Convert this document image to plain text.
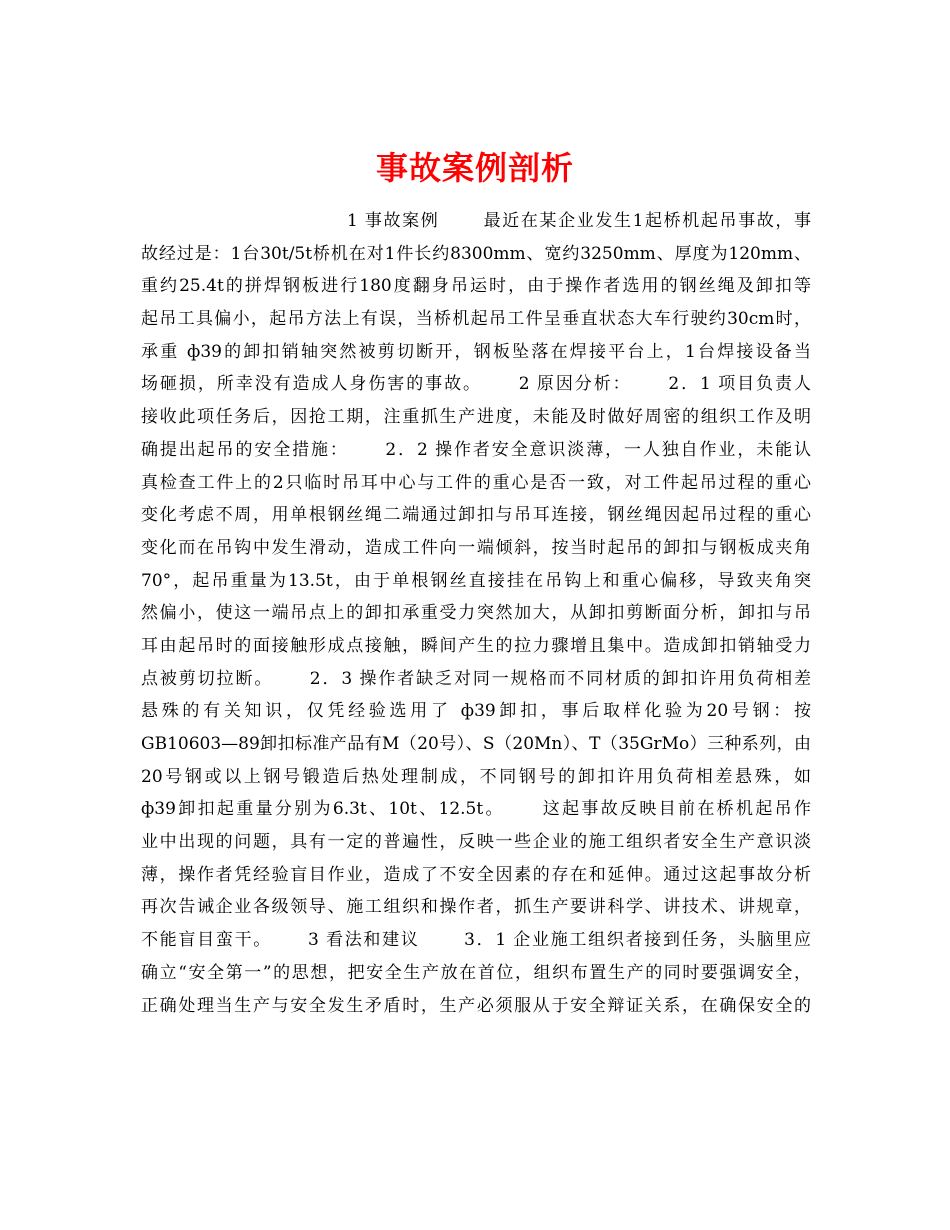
事故案例剖析
1 事故案例　　 最近在某企业发生1起桥机起吊事故，事
故经过是：1台30t/5t桥机在对1件长约8300mm、宽约3250mm、厚度为120mm、
重约25.4t的拼焊钢板进行180度翻身吊运时，由于操作者选用的钢丝绳及卸扣等
起吊工具偏小，起吊方法上有误，当桥机起吊工件呈垂直状态大车行驶约30cm时，
承重 ф39的卸扣销轴突然被剪切断开，钢板坠落在焊接平台上，1台焊接设备当
场砸损，所幸没有造成人身伤害的事故。　　 2 原因分析：　　 2．1 项目负责人
接收此项任务后，因抢工期，注重抓生产进度，未能及时做好周密的组织工作及明
确提出起吊的安全措施：　　 2．2 操作者安全意识淡薄，一人独自作业，未能认
真检查工件上的2只临时吊耳中心与工件的重心是否一致，对工件起吊过程的重心
变化考虑不周，用单根钢丝绳二端通过卸扣与吊耳连接，钢丝绳因起吊过程的重心
变化而在吊钩中发生滑动，造成工件向一端倾斜，按当时起吊的卸扣与钢板成夹角
70°，起吊重量为13.5t，由于单根钢丝直接挂在吊钩上和重心偏移，导致夹角突
然偏小，使这一端吊点上的卸扣承重受力突然加大，从卸扣剪断面分析，卸扣与吊
耳由起吊时的面接触形成点接触，瞬间产生的拉力骤增且集中。造成卸扣销轴受力
点被剪切拉断。　　 2．3 操作者缺乏对同一规格而不同材质的卸扣许用负荷相差
悬殊的有关知识，仅凭经验选用了 ф39卸扣，事后取样化验为20号钢：按
GB10603—89卸扣标准产品有M（20号）、S（20Mn）、T（35GrMo）三种系列，由
20号钢或以上钢号锻造后热处理制成，不同钢号的卸扣许用负荷相差悬殊，如
ф39卸扣起重量分别为6.3t、10t、12.5t。　　 这起事故反映目前在桥机起吊作
业中出现的问题，具有一定的普遍性，反映一些企业的施工组织者安全生产意识淡
薄，操作者凭经验盲目作业，造成了不安全因素的存在和延伸。通过这起事故分析
再次告诫企业各级领导、施工组织和操作者，抓生产要讲科学、讲技术、讲规章，
不能盲目蛮干。　　 3 看法和建议　　 3．1 企业施工组织者接到任务，头脑里应
确立“安全第一”的思想，把安全生产放在首位，组织布置生产的同时要强调安全，
正确处理当生产与安全发生矛盾时，生产必须服从于安全辩证关系，在确保安全的
